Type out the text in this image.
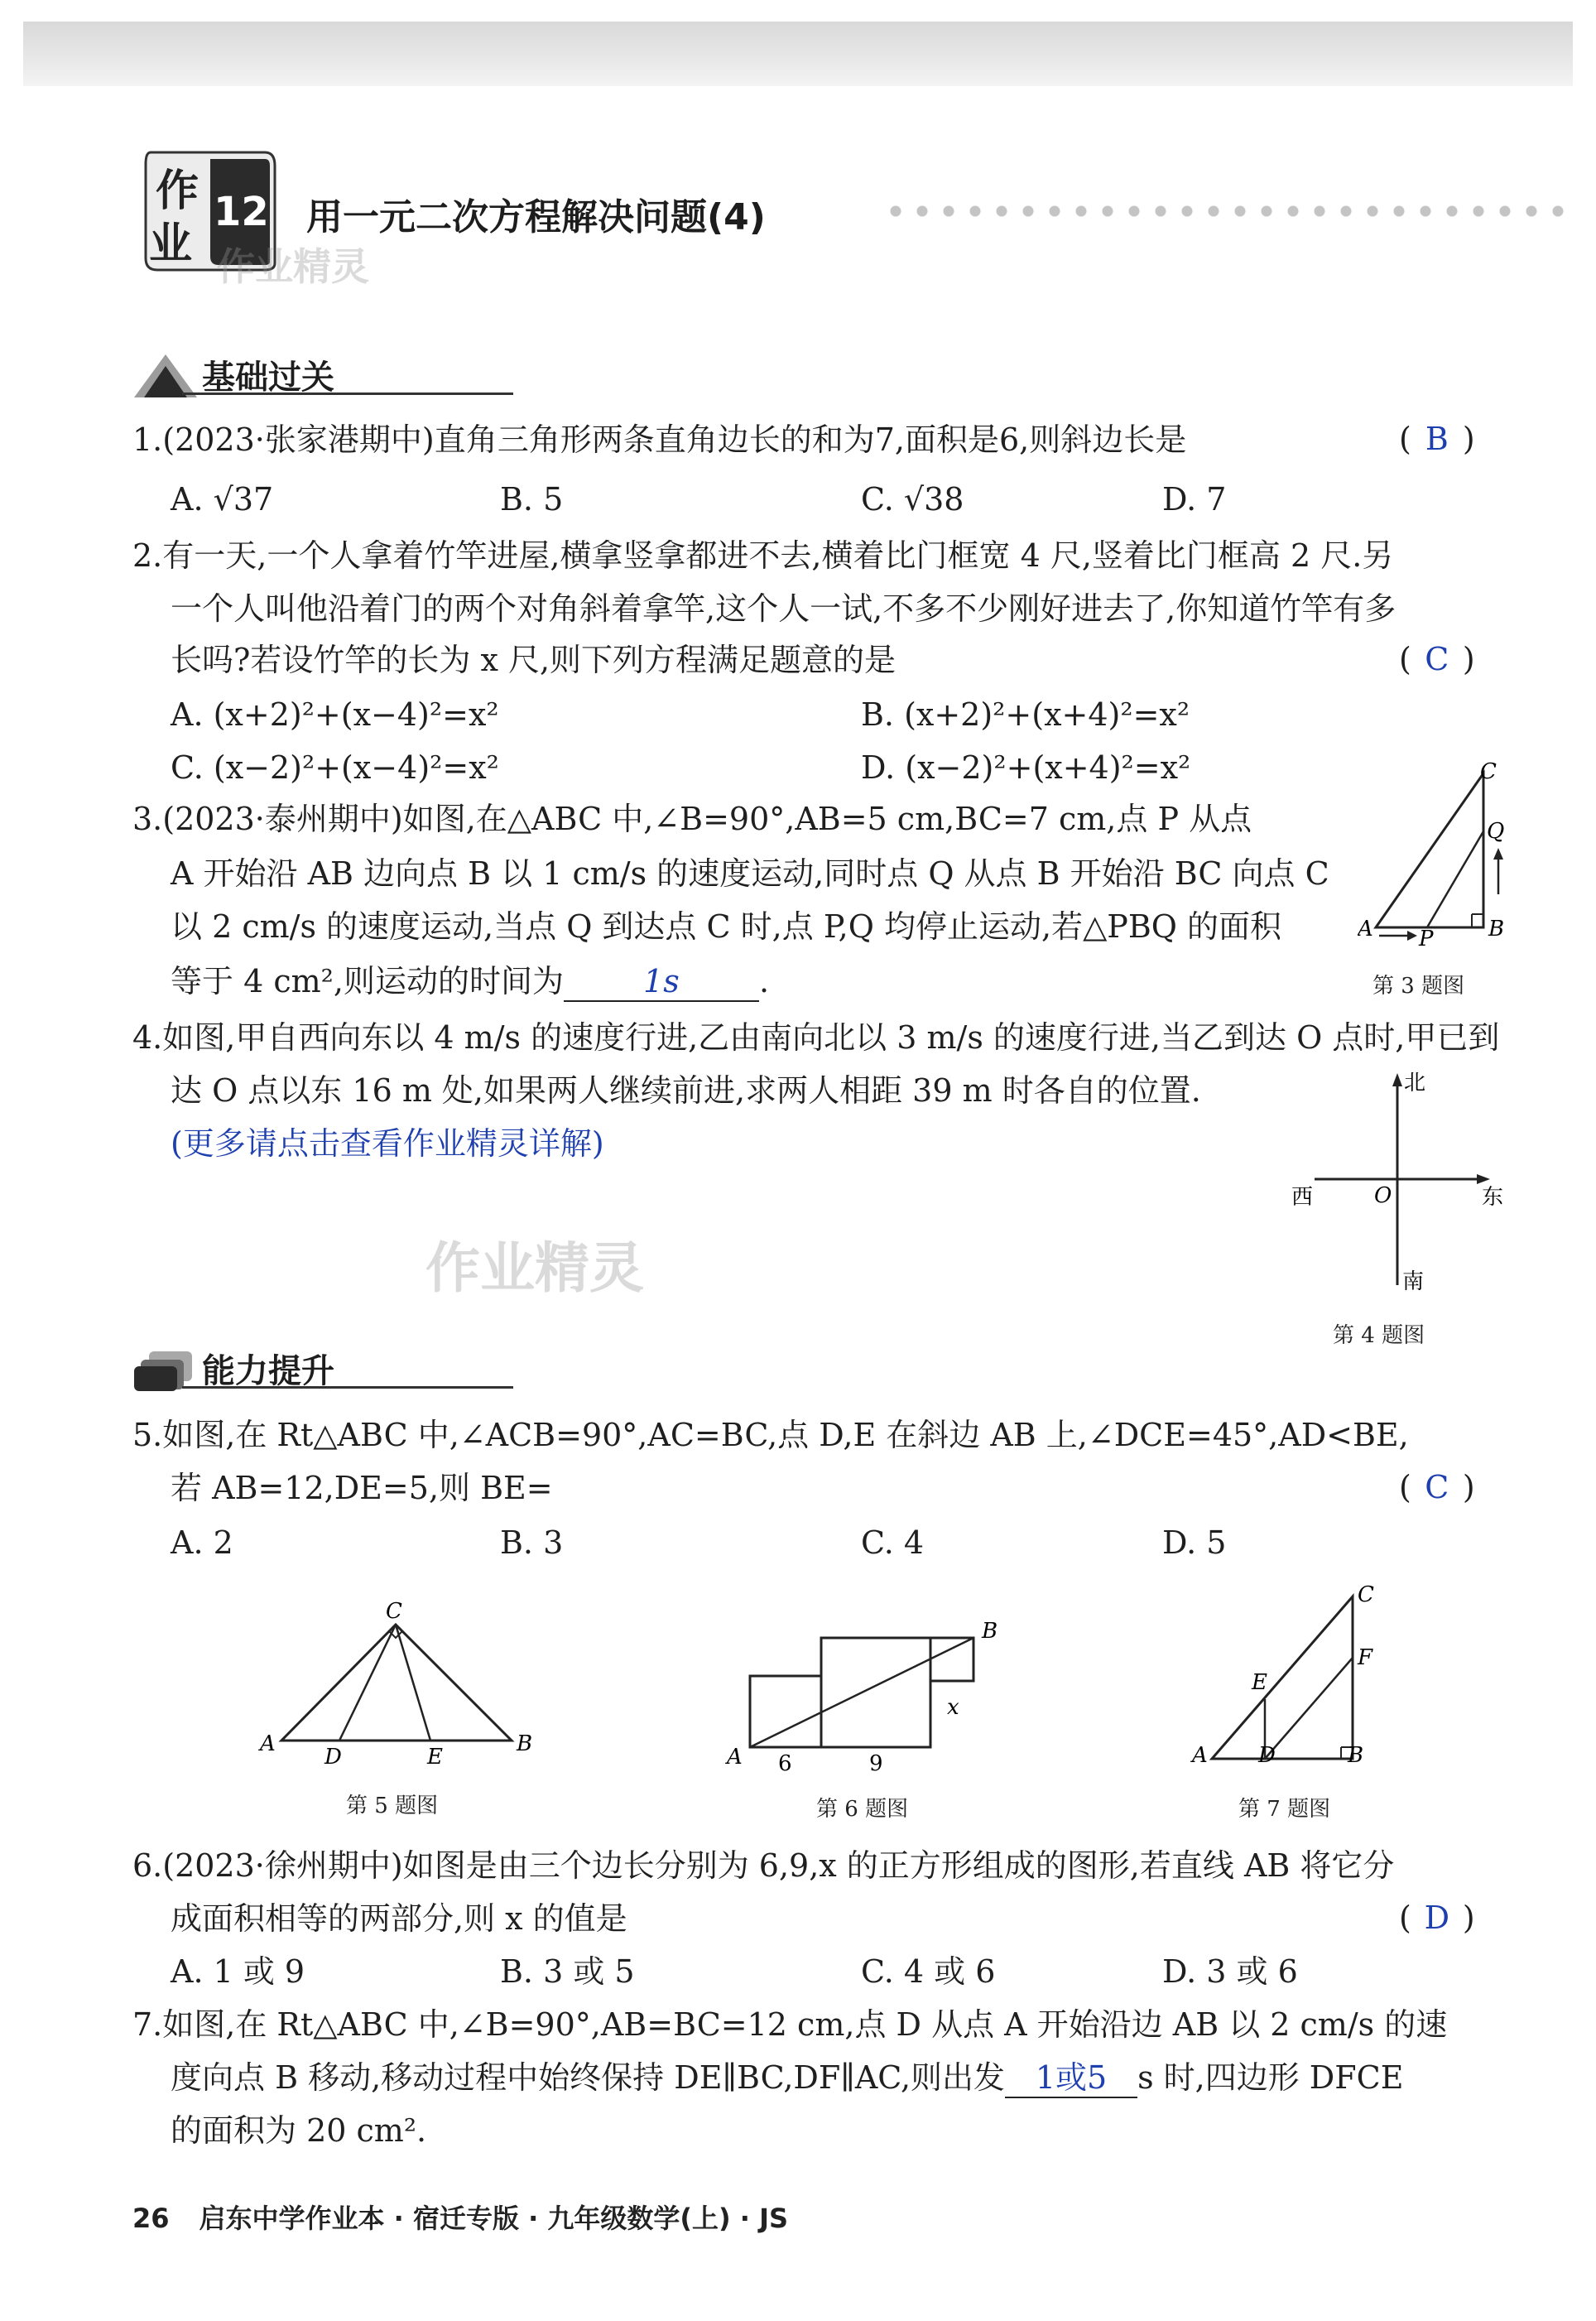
作
业
12 用一元二次方程解决问题(4)
作业精灵
基础过关
1.(2023·张家港期中)直角三角形两条直角边长的和为7,面积是6,则斜边长是	( B )
A. √37	B. 5	C. √38	D. 7
2.有一天,一个人拿着竹竿进屋,横拿竖拿都进不去,横着比门框宽 4 尺,竖着比门框高 2 尺.另
一个人叫他沿着门的两个对角斜着拿竿,这个人一试,不多不少刚好进去了,你知道竹竿有多
长吗?若设竹竿的长为 x 尺,则下列方程满足题意的是	( C )
A. (x+2)²+(x−4)²=x²	B. (x+2)²+(x+4)²=x²
C. (x−2)²+(x−4)²=x²	D. (x−2)²+(x+4)²=x²
3.(2023·泰州期中)如图,在△ABC 中,∠B=90°,AB=5 cm,BC=7 cm,点 P 从点
A 开始沿 AB 边向点 B 以 1 cm/s 的速度运动,同时点 Q 从点 B 开始沿 BC 向点 C
以 2 cm/s 的速度运动,当点 Q 到达点 C 时,点 P,Q 均停止运动,若△PBQ 的面积
等于 4 cm²,则运动的时间为	1s	.
C
Q
A P	B
第 3 题图
4.如图,甲自西向东以 4 m/s 的速度行进,乙由南向北以 3 m/s 的速度行进,当乙到达 O 点时,甲已到
达 O 点以东 16 m 处,如果两人继续前进,求两人相距 39 m 时各自的位置.
(更多请点击查看作业精灵详解)
北
西	O	东
南
第 4 题图
作业精灵
能力提升
5.如图,在 Rt△ABC 中,∠ACB=90°,AC=BC,点 D,E 在斜边 AB 上,∠DCE=45°,AD<BE,
若 AB=12,DE=5,则 BE=	( C )
A. 2	B. 3	C. 4	D. 5
C
A
D	E
B
第 5 题图
A 6	9
x
B
第 6 题图
C
E
F
A D	B
第 7 题图
6.(2023·徐州期中)如图是由三个边长分别为 6,9,x 的正方形组成的图形,若直线 AB 将它分
成面积相等的两部分,则 x 的值是	( D )
A. 1 或 9	B. 3 或 5	C. 4 或 6	D. 3 或 6
7.如图,在 Rt△ABC 中,∠B=90°,AB=BC=12 cm,点 D 从点 A 开始沿边 AB 以 2 cm/s 的速
度向点 B 移动,移动过程中始终保持 DE∥BC,DF∥AC,则出发 1或5 s 时,四边形 DFCE
的面积为 20 cm².
26 启东中学作业本 · 宿迁专版 · 九年级数学(上) · JS
